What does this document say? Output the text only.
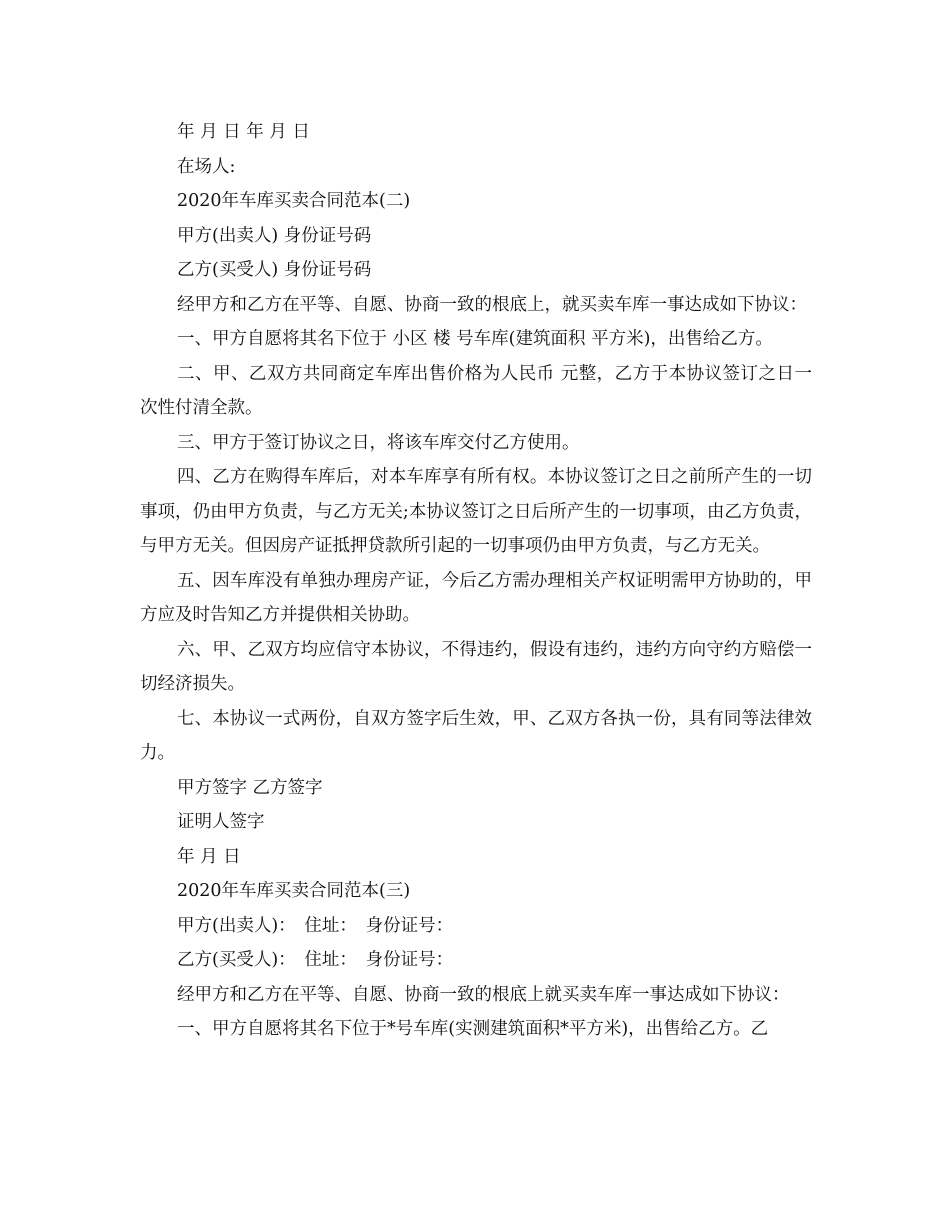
年 月 日 年 月 日

在场人:

2020年车库买卖合同范本(二)

甲方(出卖人) 身份证号码

乙方(买受人) 身份证号码

经甲方和乙方在平等、自愿、协商一致的根底上，就买卖车库一事达成如下协议：

一、甲方自愿将其名下位于 小区 楼 号车库(建筑面积 平方米)，出售给乙方。

二、甲、乙双方共同商定车库出售价格为人民币 元整，乙方于本协议签订之日一次性付清全款。

三、甲方于签订协议之日，将该车库交付乙方使用。

四、乙方在购得车库后，对本车库享有所有权。本协议签订之日之前所产生的一切事项，仍由甲方负责，与乙方无关;本协议签订之日后所产生的一切事项，由乙方负责，与甲方无关。但因房产证抵押贷款所引起的一切事项仍由甲方负责，与乙方无关。

五、因车库没有单独办理房产证，今后乙方需办理相关产权证明需甲方协助的，甲方应及时告知乙方并提供相关协助。

六、甲、乙双方均应信守本协议，不得违约，假设有违约，违约方向守约方赔偿一切经济损失。

七、本协议一式两份，自双方签字后生效，甲、乙双方各执一份，具有同等法律效力。

甲方签字 乙方签字

证明人签字

年 月 日

2020年车库买卖合同范本(三)

甲方(出卖人)：　住址：　身份证号：

乙方(买受人)：　住址：　身份证号：

经甲方和乙方在平等、自愿、协商一致的根底上就买卖车库一事达成如下协议：

一、甲方自愿将其名下位于*号车库(实测建筑面积*平方米)，出售给乙方。乙
